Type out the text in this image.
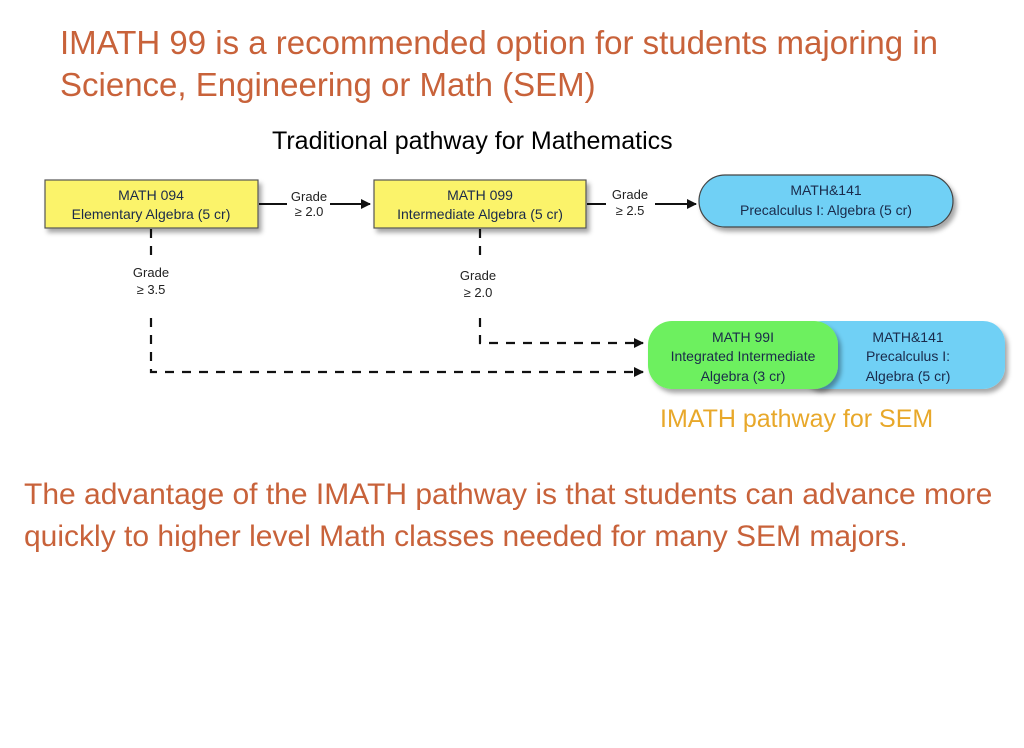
IMATH 99 is a recommended option for students majoring in Science, Engineering or Math (SEM)
Traditional pathway for Mathematics
Grade
≥ 2.0
Grade
≥ 2.5
Grade
≥ 3.5
Grade
≥ 2.0
MATH 094
Elementary Algebra (5 cr)
MATH 099
Intermediate Algebra (5 cr)
MATH&141
Precalculus I: Algebra (5 cr)
MATH&141
Precalculus I:
Algebra (5 cr)
MATH 99I
Integrated Intermediate
Algebra (3 cr)
IMATH pathway for SEM
The advantage of the IMATH pathway is that students can advance more quickly to higher level Math classes needed for many SEM majors.
